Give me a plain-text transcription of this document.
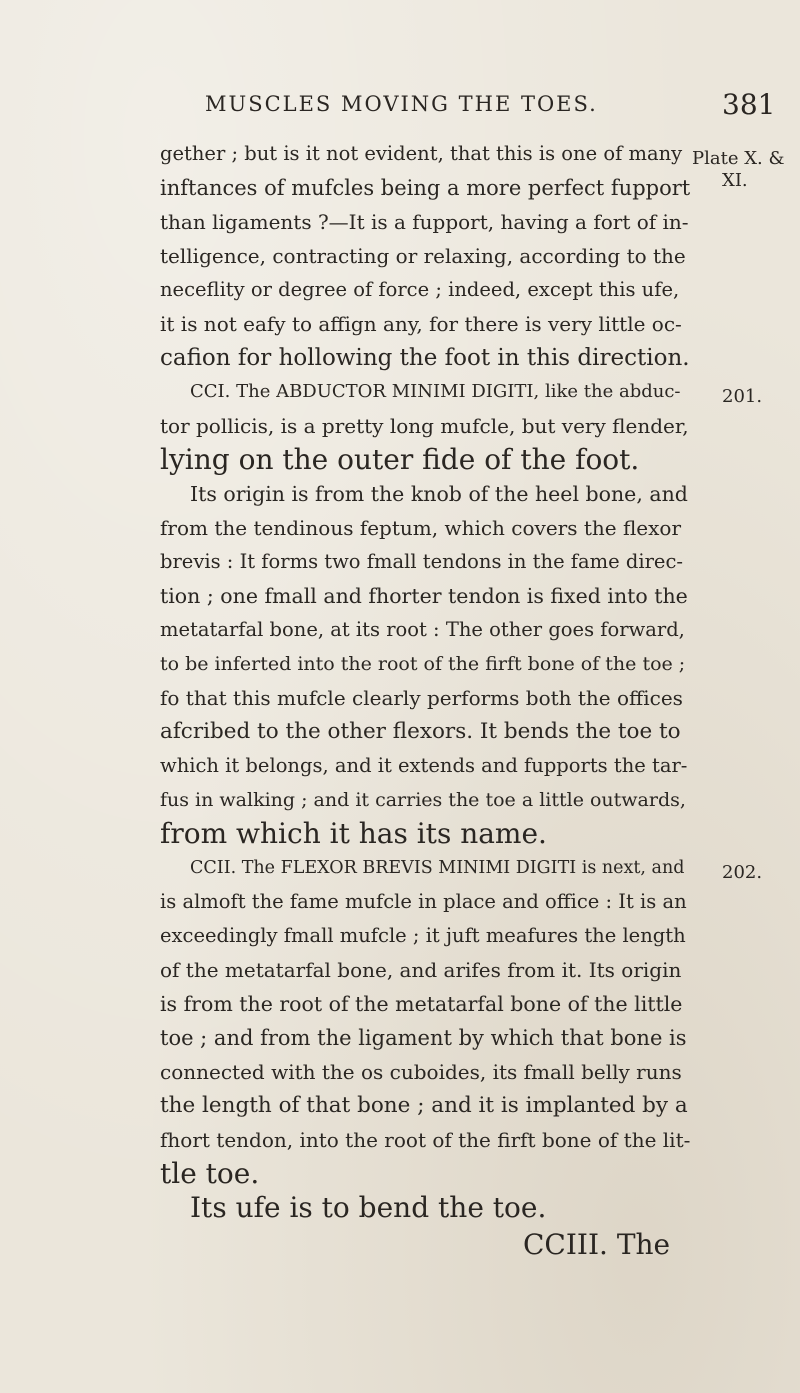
MUSCLES MOVING THE TOES.	381
gether ; but is it not evident, that this is one of many
inftances of mufcles being a more perfect fupport
than ligaments ?—It is a fupport, having a fort of in-
telligence, contracting or relaxing, according to the
neceflity or degree of force ; indeed, except this ufe,
it is not eafy to affign any, for there is very little oc-
cafion for hollowing the foot in this direction.
CCI. The ABDUCTOR MINIMI DIGITI, like the abduc-
tor pollicis, is a pretty long mufcle, but very flender,
lying on the outer fide of the foot.
Its origin is from the knob of the heel bone, and
from the tendinous feptum, which covers the flexor
brevis : It forms two fmall tendons in the fame direc-
tion ; one fmall and fhorter tendon is fixed into the
metatarfal bone, at its root : The other goes forward,
to be inferted into the root of the firft bone of the toe ;
fo that this mufcle clearly performs both the offices
afcribed to the other flexors. It bends the toe to
which it belongs, and it extends and fupports the tar-
fus in walking ; and it carries the toe a little outwards,
from which it has its name.
CCII. The FLEXOR BREVIS MINIMI DIGITI is next, and
is almoft the fame mufcle in place and office : It is an
exceedingly fmall mufcle ; it juft meafures the length
of the metatarfal bone, and arifes from it. Its origin
is from the root of the metatarfal bone of the little
toe ; and from the ligament by which that bone is
connected with the os cuboides, its fmall belly runs
the length of that bone ; and it is implanted by a
fhort tendon, into the root of the firft bone of the lit-
tle toe.
Its ufe is to bend the toe.
Plate X. &
XI.
201.
202.
CCIII. The
